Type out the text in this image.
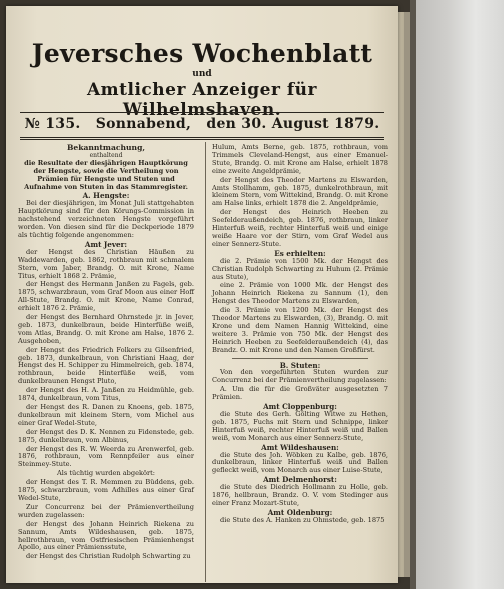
Jeversches Wochenblatt
und
Amtlicher Anzeiger für Wilhelmshaven.
№ 135. Sonnabend, den 30. August 1879.
Bekanntmachung,
enthaltend

die Resultate der diesjährigen Hauptkörung der Hengste, sowie die Vertheilung von Prämien für Hengste und Stuten und Aufnahme von Stuten in das Stammregister.

A. Hengste:

Bei der diesjährigen, im Monat Juli stattgehabten Hauptkörung sind für den Körungs-Commission in nachstehend verzeichneten Hengste vorgeführt worden. Von diesen sind für die Deckperiode 1879 als tüchtig folgende angenommen:

Amt Jever:

der Hengst des Christian Häußen zu Waddewarden, geb. 1862, rothbraun mit schmalem Stern, vom Jaber, Brandg. O. mit Krone, Name Titus, erhielt 1868 2. Prämie,

der Hengst des Hermann Janßen zu Fagels, geb. 1875, schwarzbraun, vom Graf Moon aus einer Hoff All-Stute, Brandg. O. mit Krone, Name Conrad, erhielt 1876 2. Prämie,

der Hengst des Bernhard Ohrnstede jr. in Jever, geb. 1873, dunkelbraun, beide Hinterfüße weiß, vom Atlas, Brandg. O. mit Krone am Halse, 1876 2. Ausgehoben,

der Hengst des Friedrich Folkers zu Gilsenfried, geb. 1873, dunkelbraun, von Christiani Haag, der Hengst des H. Schipper zu Himmelreich, geb. 1874, rothbraun, beide Hinterfüße weiß, vom dunkelbraunen Hengst Pluto,

der Hengst des H. A. Janßen zu Heidmühle, geb. 1874, dunkelbraun, vom Titus,

der Hengst des R. Danen zu Knoens, geb. 1875, dunkelbraun mit kleinem Stern, vom Michel aus einer Graf Wedel-Stute,

der Hengst des D. K. Nennen zu Fidenstede, geb. 1875, dunkelbraun, vom Albinus,

der Hengst des R. W. Weerda zu Arenwerfel, geb. 1876, rothbraun, vom Rennpfeiler aus einer Steinmey-Stute.

Als tüchtig wurden abgekört:

der Hengst des T. R. Memmen zu Büddens, geb. 1875, schwarzbraun, vom Adhilles aus einer Graf Wedel-Stute,

Zur Concurrenz bei der Prämienvertheilung wurden zugelassen:

der Hengst des Johann Heinrich Riekena zu Sannum, Amts Wildeshausen, geb. 1875, hellrothbraun, vom Ostfriesischen Prämienhengst Apollo, aus einer Prämiensstute,

der Hengst des Christian Rudolph Schwarting zu

Hulum, Amts Berne, geb. 1875, rothbraun, vom Trimmels Cleveland-Hengst, aus einer Emanuel-Stute, Brandg. O. mit Krone am Halse, erhielt 1878 eine zweite Angeldprämie,

der Hengst des Theodor Martens zu Elswarden, Amts Stollhamm, geb. 1875, dunkelrothbraun, mit kleinem Stern, vom Wittekind, Brandg. O. mit Krone am Halse links, erhielt 1878 die 2. Angeldprämie,

der Hengst des Heinrich Heeben zu Seefelderaußendeich, geb. 1876, rothbraun, linker Hinterfuß weiß, rechter Hinterfuß weiß und einige weiße Haare vor der Stirn, vom Graf Wedel aus einer Sennerz-Stute.

Es erhielten:

die 2. Prämie von 1500 Mk. der Hengst des Christian Rudolph Schwarting zu Huhum (2. Prämie aus Stute),

eine 2. Prämie von 1000 Mk. der Hengst des Johann Heinrich Riekena zu Sannum (1), den Hengst des Theodor Martens zu Elswarden,

die 3. Prämie von 1200 Mk. der Hengst des Theodor Martens zu Elswarden, (3), Brandg. O. mit Krone und dem Namen Hannig Wittekind, eine weitere 3. Prämie von 750 Mk. der Hengst des Heinrich Heeben zu Seefelderaußendeich (4), das Brandz. O. mit Krone und den Namen Großfürst.

B. Stuten:

Von den vorgeführten Stuten wurden zur Concurrenz bei der Prämienvertheilung zugelassen:

A. Um die für die Großväter ausgesetzten 7 Prämien.

Amt Cloppenburg:

die Stute des Gerh. Gölting Witwe zu Hethen, geb. 1875, Fuchs mit Stern und Schnippe, linker Hinterfuß weiß, rechter Hinterfuß weiß und Ballen weiß, vom Monarch aus einer Sennerz-Stute,

Amt Wildeshausen:

die Stute des Joh. Wöbken zu Kalbe, geb. 1876, dunkelbraun, linker Hinterfuß weiß und Ballen gefleckt weiß, vom Monarch aus einer Luise-Stute,

Amt Delmenhorst:

die Stute des Diedrich Hollmann zu Holle, geb. 1876, hellbraun, Brandz. O. V. vom Stedinger aus einer Franz Mozart-Stute,

Amt Oldenburg:

die Stute des A. Hanken zu Ohmstede, geb. 1875
